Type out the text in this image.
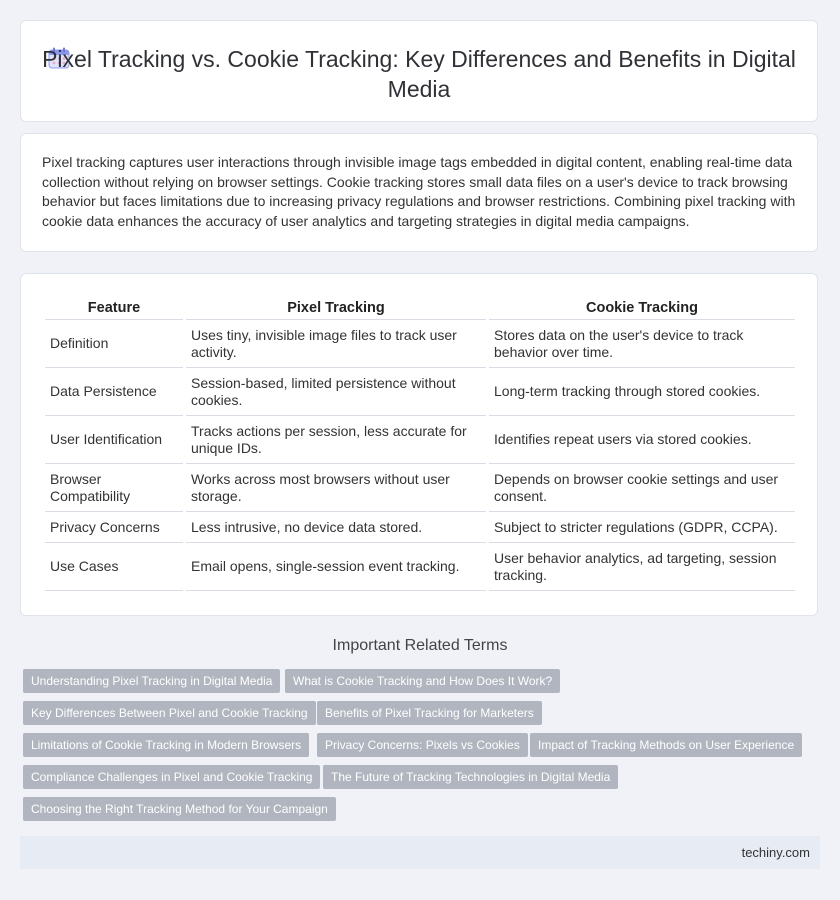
Pixel Tracking vs. Cookie Tracking: Key Differences and Benefits in Digital Media
Pixel tracking captures user interactions through invisible image tags embedded in digital content, enabling real-time data collection without relying on browser settings. Cookie tracking stores small data files on a user's device to track browsing behavior but faces limitations due to increasing privacy regulations and browser restrictions. Combining pixel tracking with cookie data enhances the accuracy of user analytics and targeting strategies in digital media campaigns.
Feature	Pixel Tracking	Cookie Tracking
Definition	Uses tiny, invisible image files to track user activity.	Stores data on the user's device to track behavior over time.
Data Persistence	Session-based, limited persistence without cookies.	Long-term tracking through stored cookies.
User Identification	Tracks actions per session, less accurate for unique IDs.	Identifies repeat users via stored cookies.
Browser Compatibility	Works across most browsers without user storage.	Depends on browser cookie settings and user consent.
Privacy Concerns	Less intrusive, no device data stored.	Subject to stricter regulations (GDPR, CCPA).
Use Cases	Email opens, single-session event tracking.	User behavior analytics, ad targeting, session tracking.
Important Related Terms
Understanding Pixel Tracking in Digital Media	What is Cookie Tracking and How Does It Work?
Key Differences Between Pixel and Cookie Tracking	Benefits of Pixel Tracking for Marketers
Limitations of Cookie Tracking in Modern Browsers	Privacy Concerns: Pixels vs Cookies	Impact of Tracking Methods on User Experience
Compliance Challenges in Pixel and Cookie Tracking	The Future of Tracking Technologies in Digital Media
Choosing the Right Tracking Method for Your Campaign
techiny.com
